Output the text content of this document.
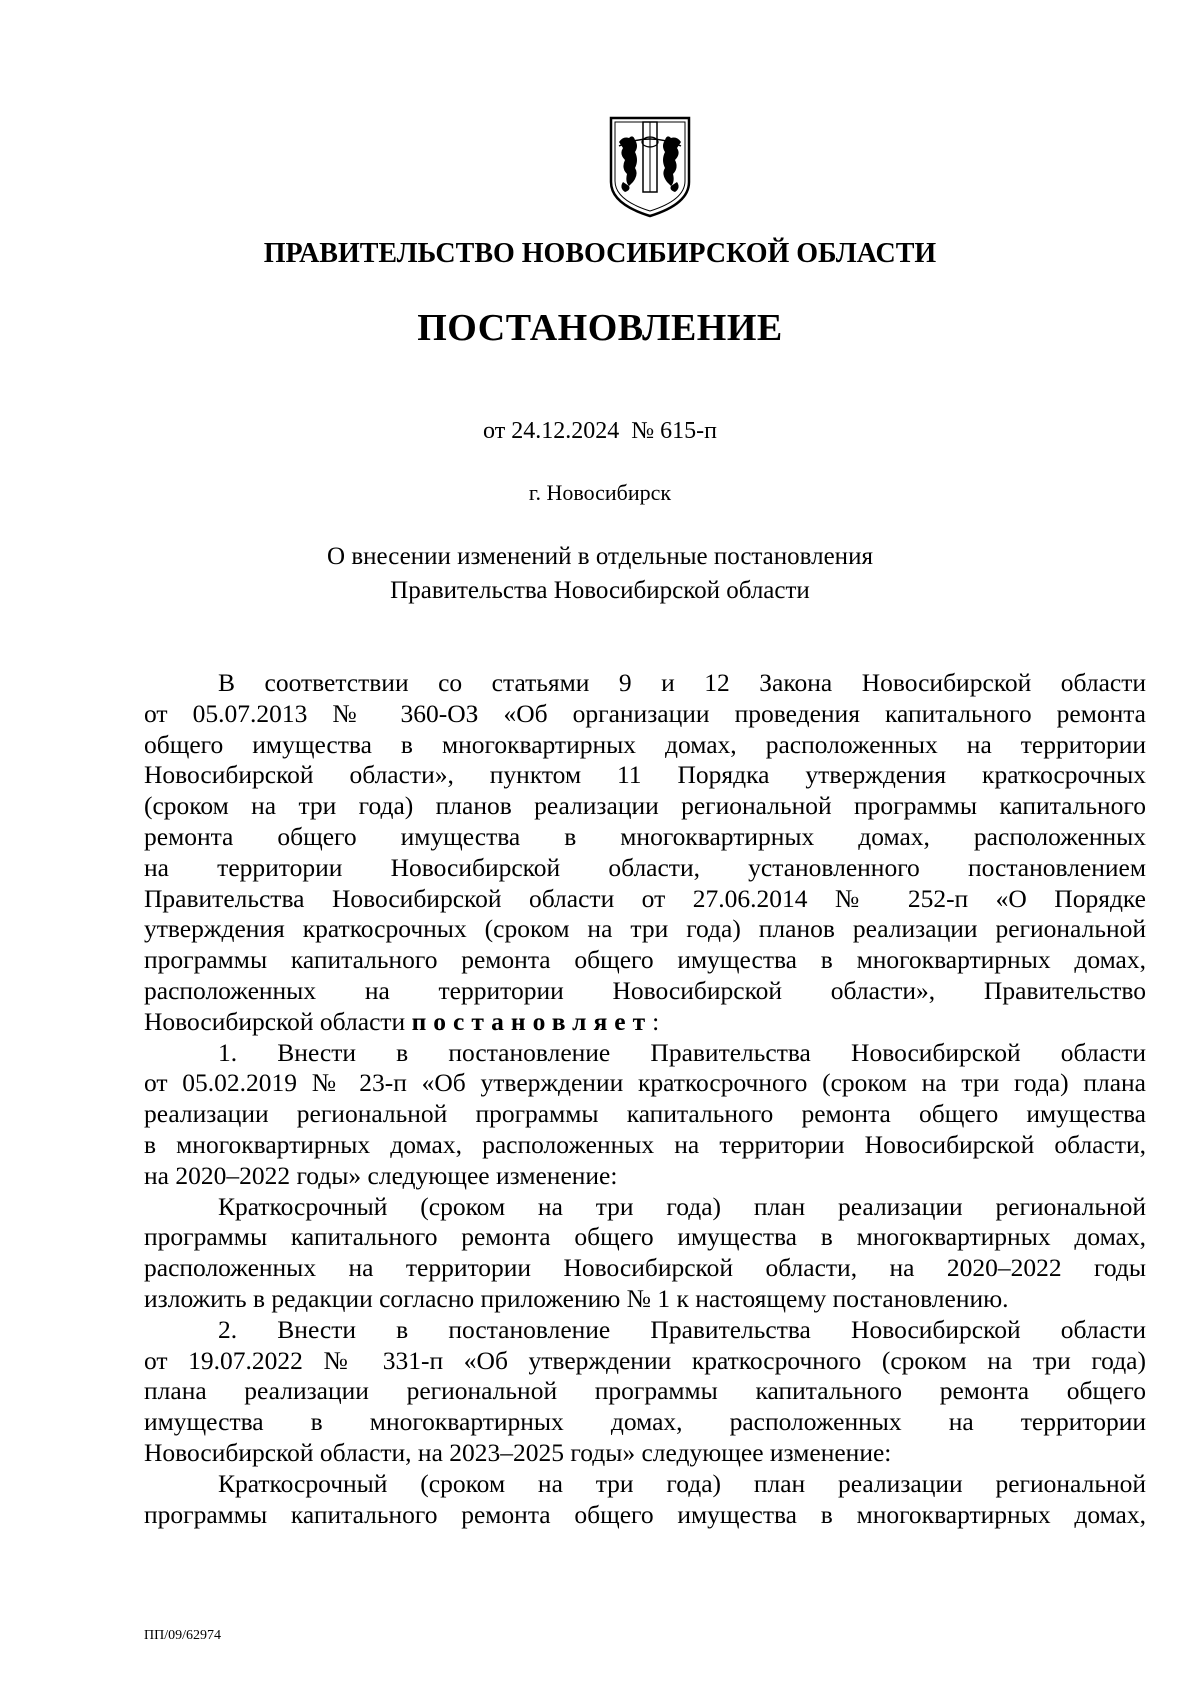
ПРАВИТЕЛЬСТВО НОВОСИБИРСКОЙ ОБЛАСТИ
ПОСТАНОВЛЕНИЕ
от 24.12.2024  № 615-п
г. Новосибирск
О внесении изменений в отдельные постановления
Правительства Новосибирской области
В соответствии со статьями 9 и 12 Закона Новосибирской области
от 05.07.2013 № 360-ОЗ «Об организации проведения капитального ремонта
общего имущества в многоквартирных домах, расположенных на территории
Новосибирской области», пунктом 11 Порядка утверждения краткосрочных
(сроком на три года) планов реализации региональной программы капитального
ремонта общего имущества в многоквартирных домах, расположенных
на территории Новосибирской области, установленного постановлением
Правительства Новосибирской области от 27.06.2014 № 252-п «О Порядке
утверждения краткосрочных (сроком на три года) планов реализации региональной
программы капитального ремонта общего имущества в многоквартирных домах,
расположенных на территории Новосибирской области», Правительство
Новосибирской области постановляет:
1. Внести в постановление Правительства Новосибирской области
от 05.02.2019 № 23-п «Об утверждении краткосрочного (сроком на три года) плана
реализации региональной программы капитального ремонта общего имущества
в многоквартирных домах, расположенных на территории Новосибирской области,
на 2020–2022 годы» следующее изменение:
Краткосрочный (сроком на три года) план реализации региональной
программы капитального ремонта общего имущества в многоквартирных домах,
расположенных на территории Новосибирской области, на 2020–2022 годы
изложить в редакции согласно приложению № 1 к настоящему постановлению.
2. Внести в постановление Правительства Новосибирской области
от 19.07.2022 № 331-п «Об утверждении краткосрочного (сроком на три года)
плана реализации региональной программы капитального ремонта общего
имущества в многоквартирных домах, расположенных на территории
Новосибирской области, на 2023–2025 годы» следующее изменение:
Краткосрочный (сроком на три года) план реализации региональной
программы капитального ремонта общего имущества в многоквартирных домах,
ПП/09/62974
